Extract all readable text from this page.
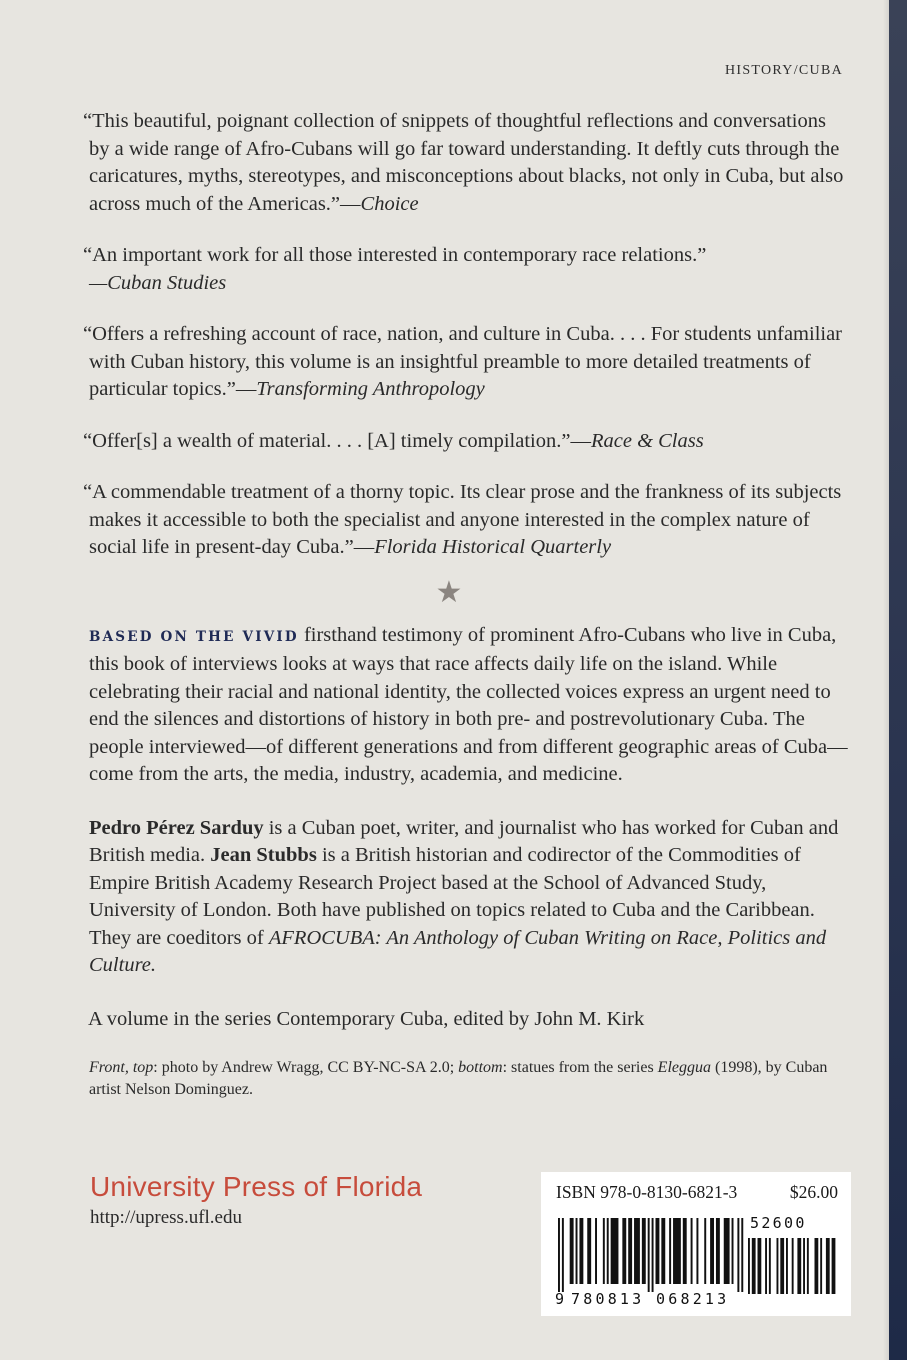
HISTORY/CUBA

“This beautiful, poignant collection of snippets of thoughtful reflections and conversations by a wide range of Afro-Cubans will go far toward understanding. It deftly cuts through the caricatures, myths, stereotypes, and misconceptions about blacks, not only in Cuba, but also across much of the Americas.”—Choice

“An important work for all those interested in contemporary race relations.”
—Cuban Studies

“Offers a refreshing account of race, nation, and culture in Cuba. . . . For students unfamiliar with Cuban history, this volume is an insightful preamble to more detailed treatments of particular topics.”—Transforming Anthropology

“Offer[s] a wealth of material. . . . [A] timely compilation.”—Race & Class

“A commendable treatment of a thorny topic. Its clear prose and the frankness of its subjects makes it accessible to both the specialist and anyone interested in the complex nature of social life in present-day Cuba.”—Florida Historical Quarterly

★

BASED ON THE VIVID firsthand testimony of prominent Afro-Cubans who live in Cuba, this book of interviews looks at ways that race affects daily life on the island. While celebrating their racial and national identity, the collected voices express an urgent need to end the silences and distortions of history in both pre- and postrevolutionary Cuba. The people interviewed—of different generations and from different geographic areas of Cuba—come from the arts, the media, industry, academia, and medicine.

Pedro Pérez Sarduy is a Cuban poet, writer, and journalist who has worked for Cuban and British media. Jean Stubbs is a British historian and codirector of the Commodities of Empire British Academy Research Project based at the School of Advanced Study, University of London. Both have published on topics related to Cuba and the Caribbean. They are coeditors of AFROCUBA: An Anthology of Cuban Writing on Race, Politics and Culture.

A volume in the series Contemporary Cuba, edited by John M. Kirk

Front, top: photo by Andrew Wragg, CC BY-NC-SA 2.0; bottom: statues from the series Eleggua (1998), by Cuban artist Nelson Dominguez.

University Press of Florida
http://upress.ufl.edu
ISBN 978-0-8130-6821-3	$26.00
52600
9 780813 068213
